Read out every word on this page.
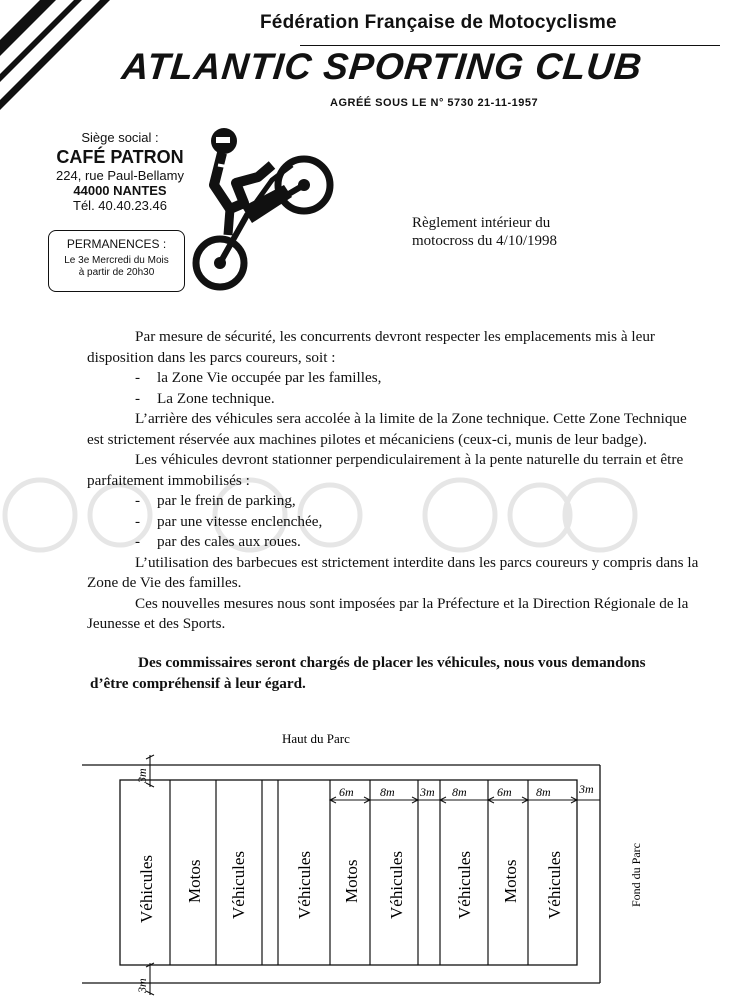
Fédération Française de Motocyclisme
ATLANTIC SPORTING CLUB
AGRÉÉ SOUS LE N° 5730 21-11-1957
Siège social :
CAFÉ PATRON
224, rue Paul-Bellamy
44000 NANTES
Tél. 40.40.23.46
PERMANENCES :
Le 3e Mercredi du Mois
à partir de 20h30
Règlement intérieur du
motocross du 4/10/1998

Par mesure de sécurité, les concurrents devront respecter les emplacements mis à leur disposition dans les parcs coureurs, soit :

- la Zone Vie occupée par les familles,

- La Zone technique.

L’arrière des véhicules sera accolée à la limite de la Zone technique. Cette Zone Technique est strictement réservée aux machines pilotes et mécaniciens (ceux-ci, munis de leur badge).

Les véhicules devront stationner perpendiculairement à la pente naturelle du terrain et être parfaitement immobilisés :

- par le frein de parking,

- par une vitesse enclenchée,

- par des cales aux roues.

L’utilisation des barbecues est strictement interdite dans les parcs coureurs y compris dans la Zone de Vie des familles.

Ces nouvelles mesures nous sont imposées par la Préfecture et la Direction Régionale de la Jeunesse et des Sports.

Des commissaires seront chargés de placer les véhicules, nous vous demandons
d’être compréhensif à leur égard.
Haut du Parc
Véhicules Motos Véhicules	Véhicules Motos Véhicules	Véhicules Motos Véhicules	Fond du Parc
3m
3m
6m 8m 3m 8m	6m 8m 3m
